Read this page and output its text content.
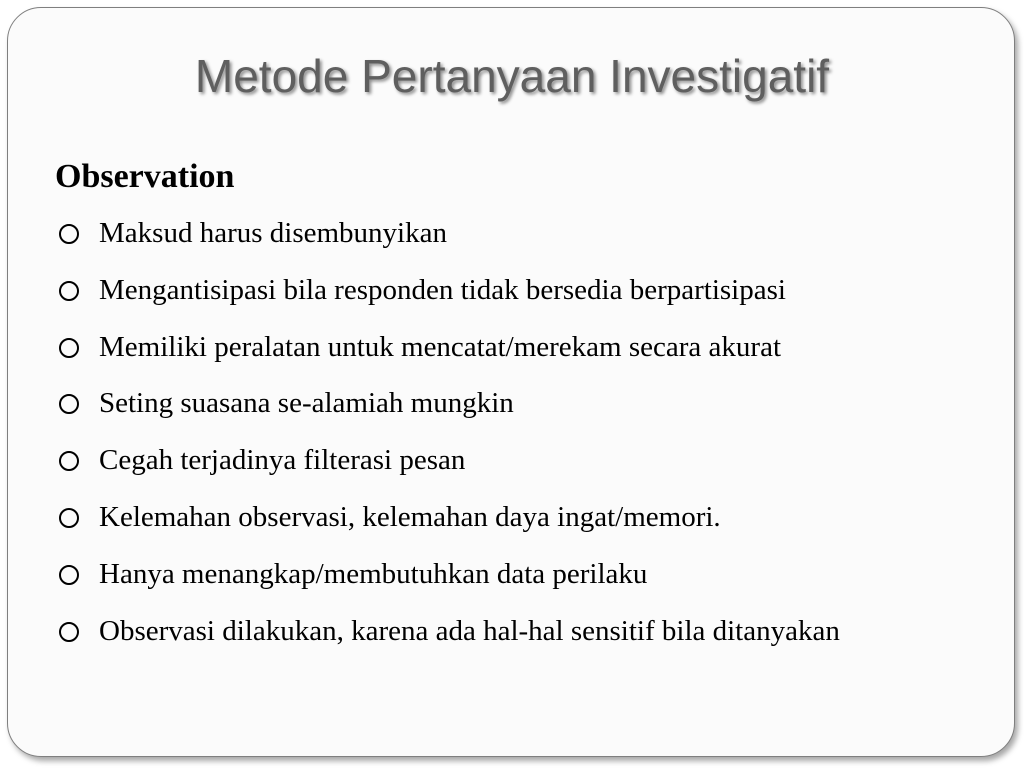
Metode Pertanyaan Investigatif
Observation
Maksud harus disembunyikan
Mengantisipasi bila responden tidak bersedia berpartisipasi
Memiliki peralatan untuk mencatat/merekam secara akurat
Seting suasana se-alamiah mungkin
Cegah terjadinya filterasi pesan
Kelemahan observasi, kelemahan daya ingat/memori.
Hanya menangkap/membutuhkan data perilaku
Observasi dilakukan, karena ada hal-hal sensitif bila ditanyakan
